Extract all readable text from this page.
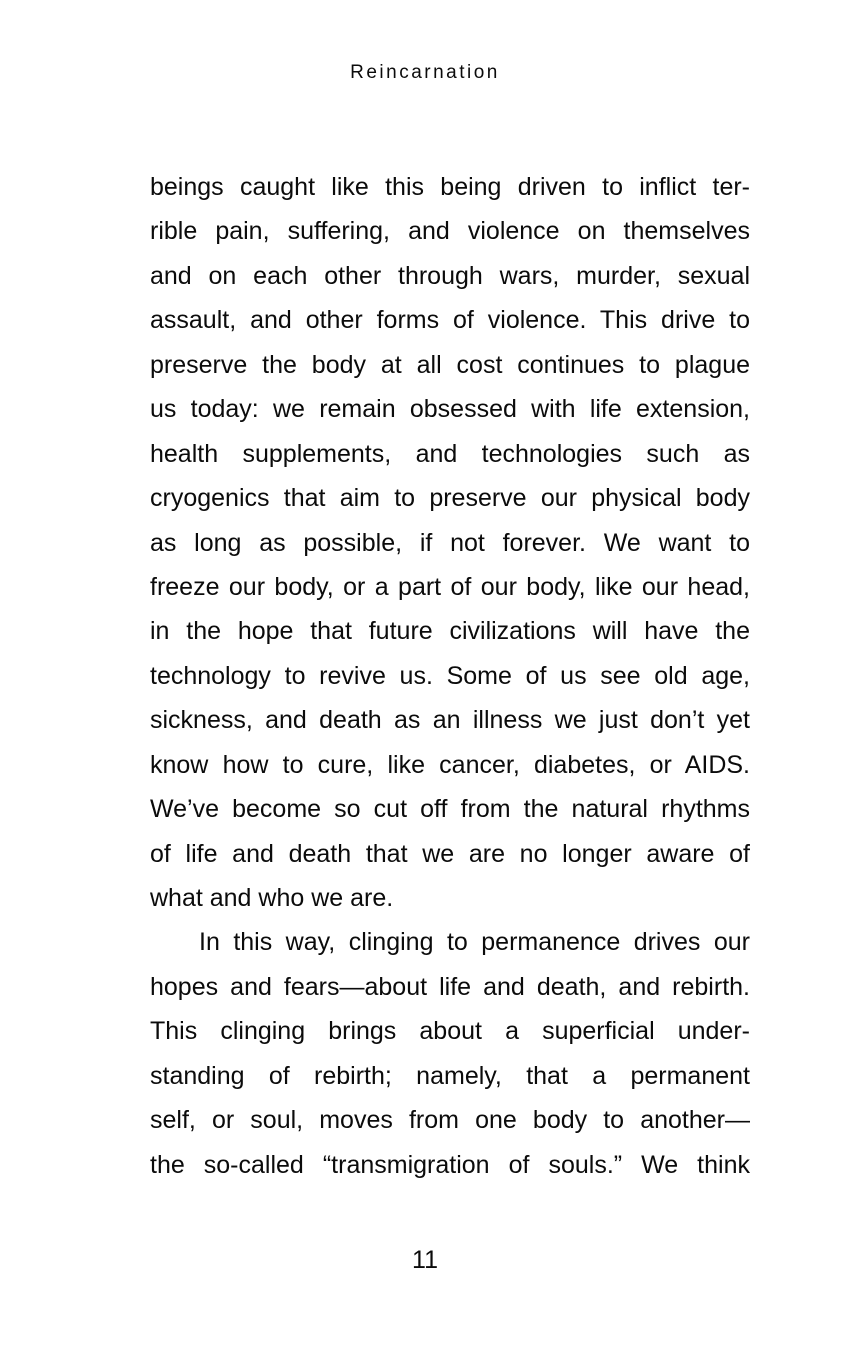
Reincarnation
beings caught like this being driven to inflict ter-
rible pain, suffering, and violence on themselves
and on each other through wars, murder, sexual
assault, and other forms of violence. This drive to
preserve the body at all cost continues to plague
us today: we remain obsessed with life extension,
health supplements, and technologies such as
cryogenics that aim to preserve our physical body
as long as possible, if not forever. We want to
freeze our body, or a part of our body, like our head,
in the hope that future civilizations will have the
technology to revive us. Some of us see old age,
sickness, and death as an illness we just don’t yet
know how to cure, like cancer, diabetes, or AIDS.
We’ve become so cut off from the natural rhythms
of life and death that we are no longer aware of
what and who we are.
In this way, clinging to permanence drives our
hopes and fears—about life and death, and rebirth.
This clinging brings about a superficial under-
standing of rebirth; namely, that a permanent
self, or soul, moves from one body to another—
the so-called “transmigration of souls.” We think
11
